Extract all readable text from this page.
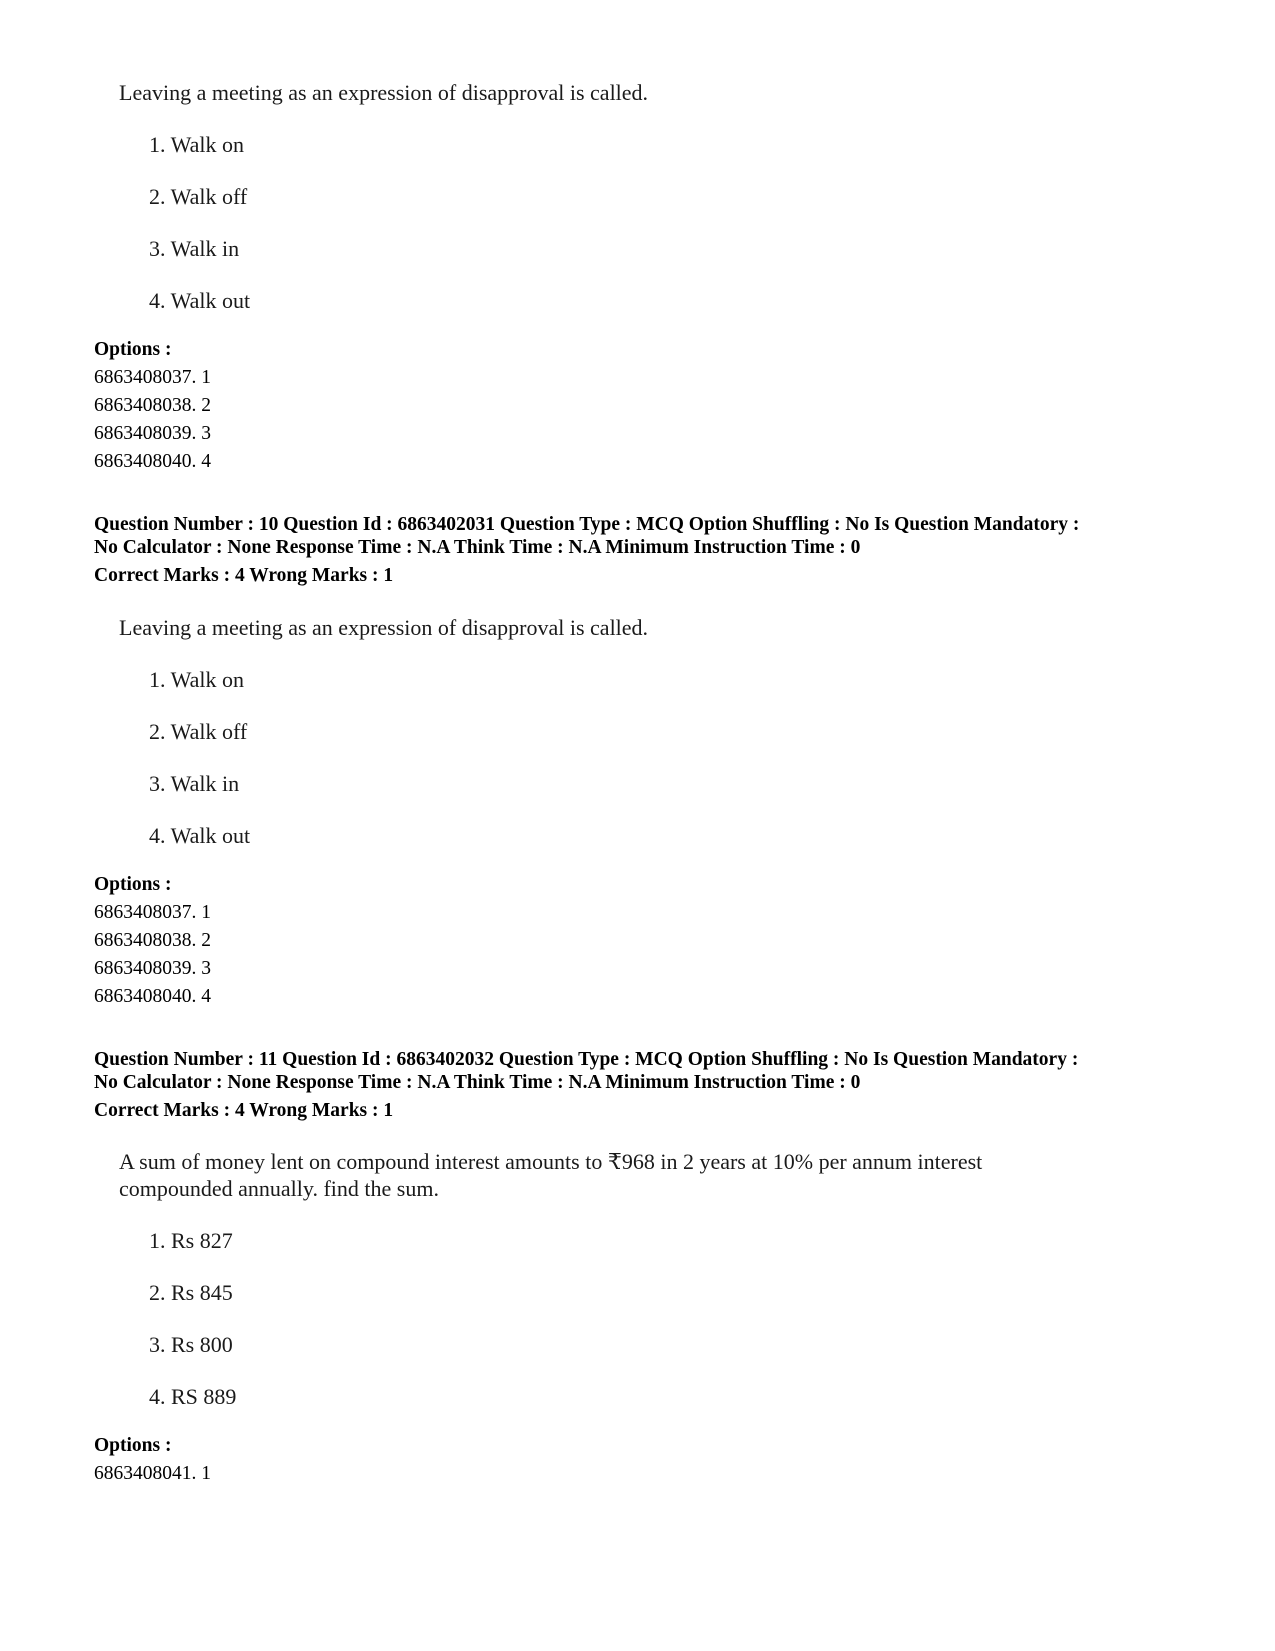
Leaving a meeting as an expression of disapproval is called.
1. Walk on
2. Walk off
3. Walk in
4. Walk out
Options :
6863408037. 1
6863408038. 2
6863408039. 3
6863408040. 4
Question Number : 10 Question Id : 6863402031 Question Type : MCQ Option Shuffling : No Is Question Mandatory :
No Calculator : None Response Time : N.A Think Time : N.A Minimum Instruction Time : 0
Correct Marks : 4 Wrong Marks : 1
Leaving a meeting as an expression of disapproval is called.
1. Walk on
2. Walk off
3. Walk in
4. Walk out
Options :
6863408037. 1
6863408038. 2
6863408039. 3
6863408040. 4
Question Number : 11 Question Id : 6863402032 Question Type : MCQ Option Shuffling : No Is Question Mandatory :
No Calculator : None Response Time : N.A Think Time : N.A Minimum Instruction Time : 0
Correct Marks : 4 Wrong Marks : 1
A sum of money lent on compound interest amounts to ₹968 in 2 years at 10% per annum interest
compounded annually. find the sum.
1. Rs 827
2. Rs 845
3. Rs 800
4. RS 889
Options :
6863408041. 1
